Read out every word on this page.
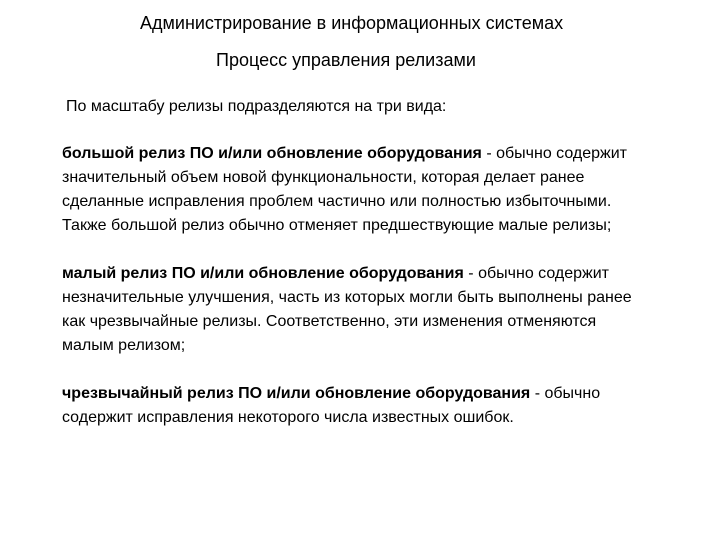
Администрирование в информационных системах
Процесс управления релизами
По масштабу релизы подразделяются на три вида:

большой релиз ПО и/или обновление оборудования - обычно содержит значительный объем новой функциональности, которая делает ранее сделанные исправления проблем частично или полностью избыточными. Также большой релиз обычно отменяет предшествующие малые релизы;

малый релиз ПО и/или обновление оборудования - обычно содержит незначительные улучшения, часть из которых могли быть выполнены ранее как чрезвычайные релизы. Соответственно, эти изменения отменяются малым релизом;

чрезвычайный релиз ПО и/или обновление оборудования - обычно содержит исправления некоторого числа известных ошибок.
